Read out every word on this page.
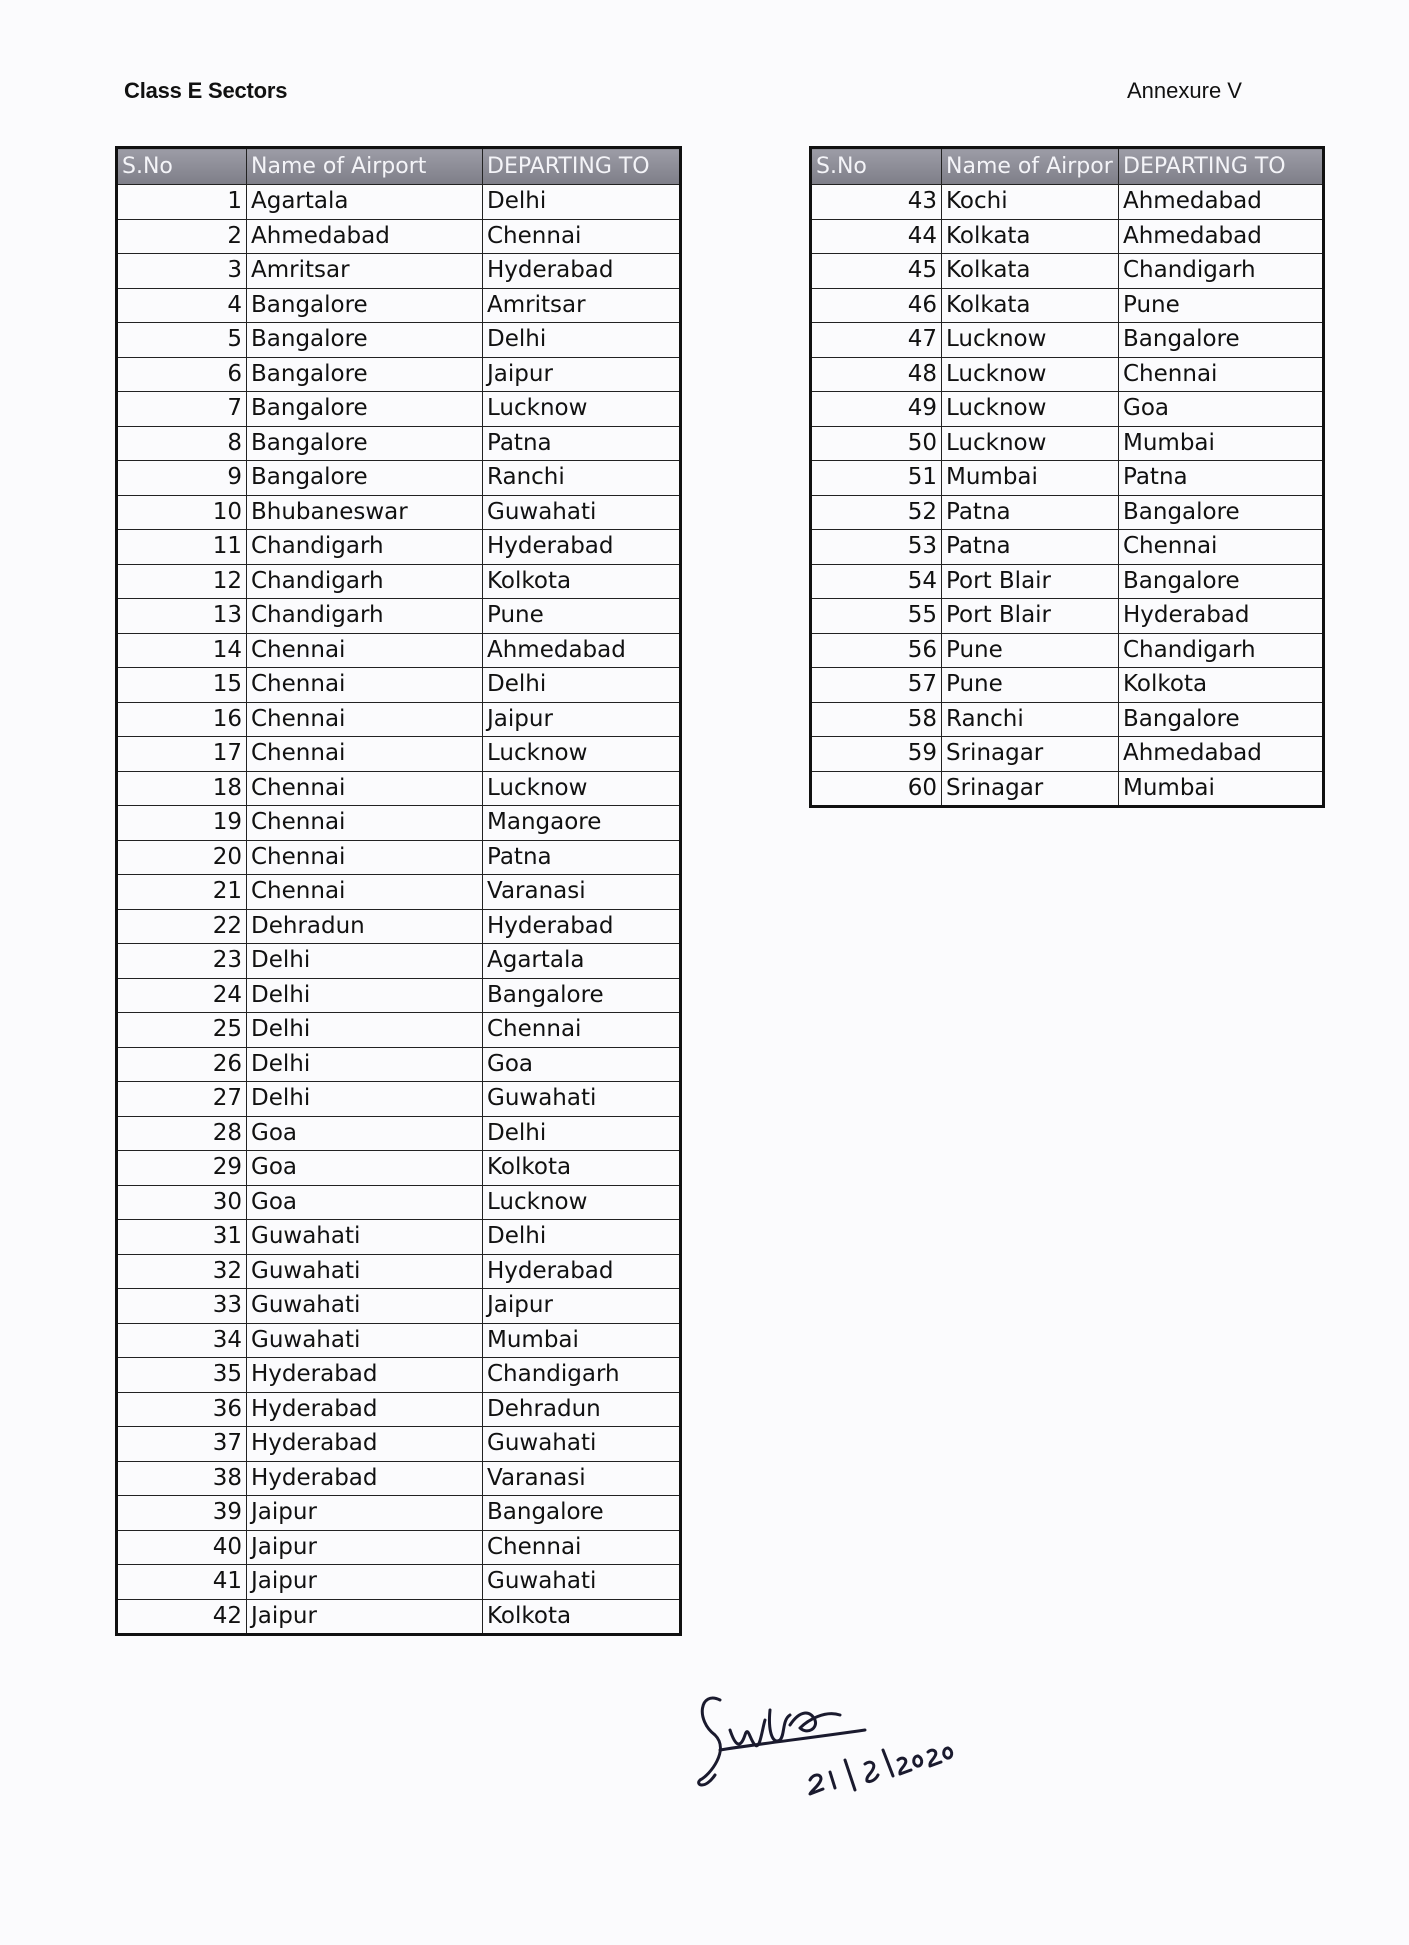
Class E Sectors	Annexure V
S.No	Name of Airport	DEPARTING TO
1	Agartala	Delhi
2	Ahmedabad	Chennai
3	Amritsar	Hyderabad
4	Bangalore	Amritsar
5	Bangalore	Delhi
6	Bangalore	Jaipur
7	Bangalore	Lucknow
8	Bangalore	Patna
9	Bangalore	Ranchi
10	Bhubaneswar	Guwahati
11	Chandigarh	Hyderabad
12	Chandigarh	Kolkota
13	Chandigarh	Pune
14	Chennai	Ahmedabad
15	Chennai	Delhi
16	Chennai	Jaipur
17	Chennai	Lucknow
18	Chennai	Lucknow
19	Chennai	Mangaore
20	Chennai	Patna
21	Chennai	Varanasi
22	Dehradun	Hyderabad
23	Delhi	Agartala
24	Delhi	Bangalore
25	Delhi	Chennai
26	Delhi	Goa
27	Delhi	Guwahati
28	Goa	Delhi
29	Goa	Kolkota
30	Goa	Lucknow
31	Guwahati	Delhi
32	Guwahati	Hyderabad
33	Guwahati	Jaipur
34	Guwahati	Mumbai
35	Hyderabad	Chandigarh
36	Hyderabad	Dehradun
37	Hyderabad	Guwahati
38	Hyderabad	Varanasi
39	Jaipur	Bangalore
40	Jaipur	Chennai
41	Jaipur	Guwahati
42	Jaipur	Kolkota
S.No	Name of Airpor	DEPARTING TO
43	Kochi	Ahmedabad
44	Kolkata	Ahmedabad
45	Kolkata	Chandigarh
46	Kolkata	Pune
47	Lucknow	Bangalore
48	Lucknow	Chennai
49	Lucknow	Goa
50	Lucknow	Mumbai
51	Mumbai	Patna
52	Patna	Bangalore
53	Patna	Chennai
54	Port Blair	Bangalore
55	Port Blair	Hyderabad
56	Pune	Chandigarh
57	Pune	Kolkota
58	Ranchi	Bangalore
59	Srinagar	Ahmedabad
60	Srinagar	Mumbai
